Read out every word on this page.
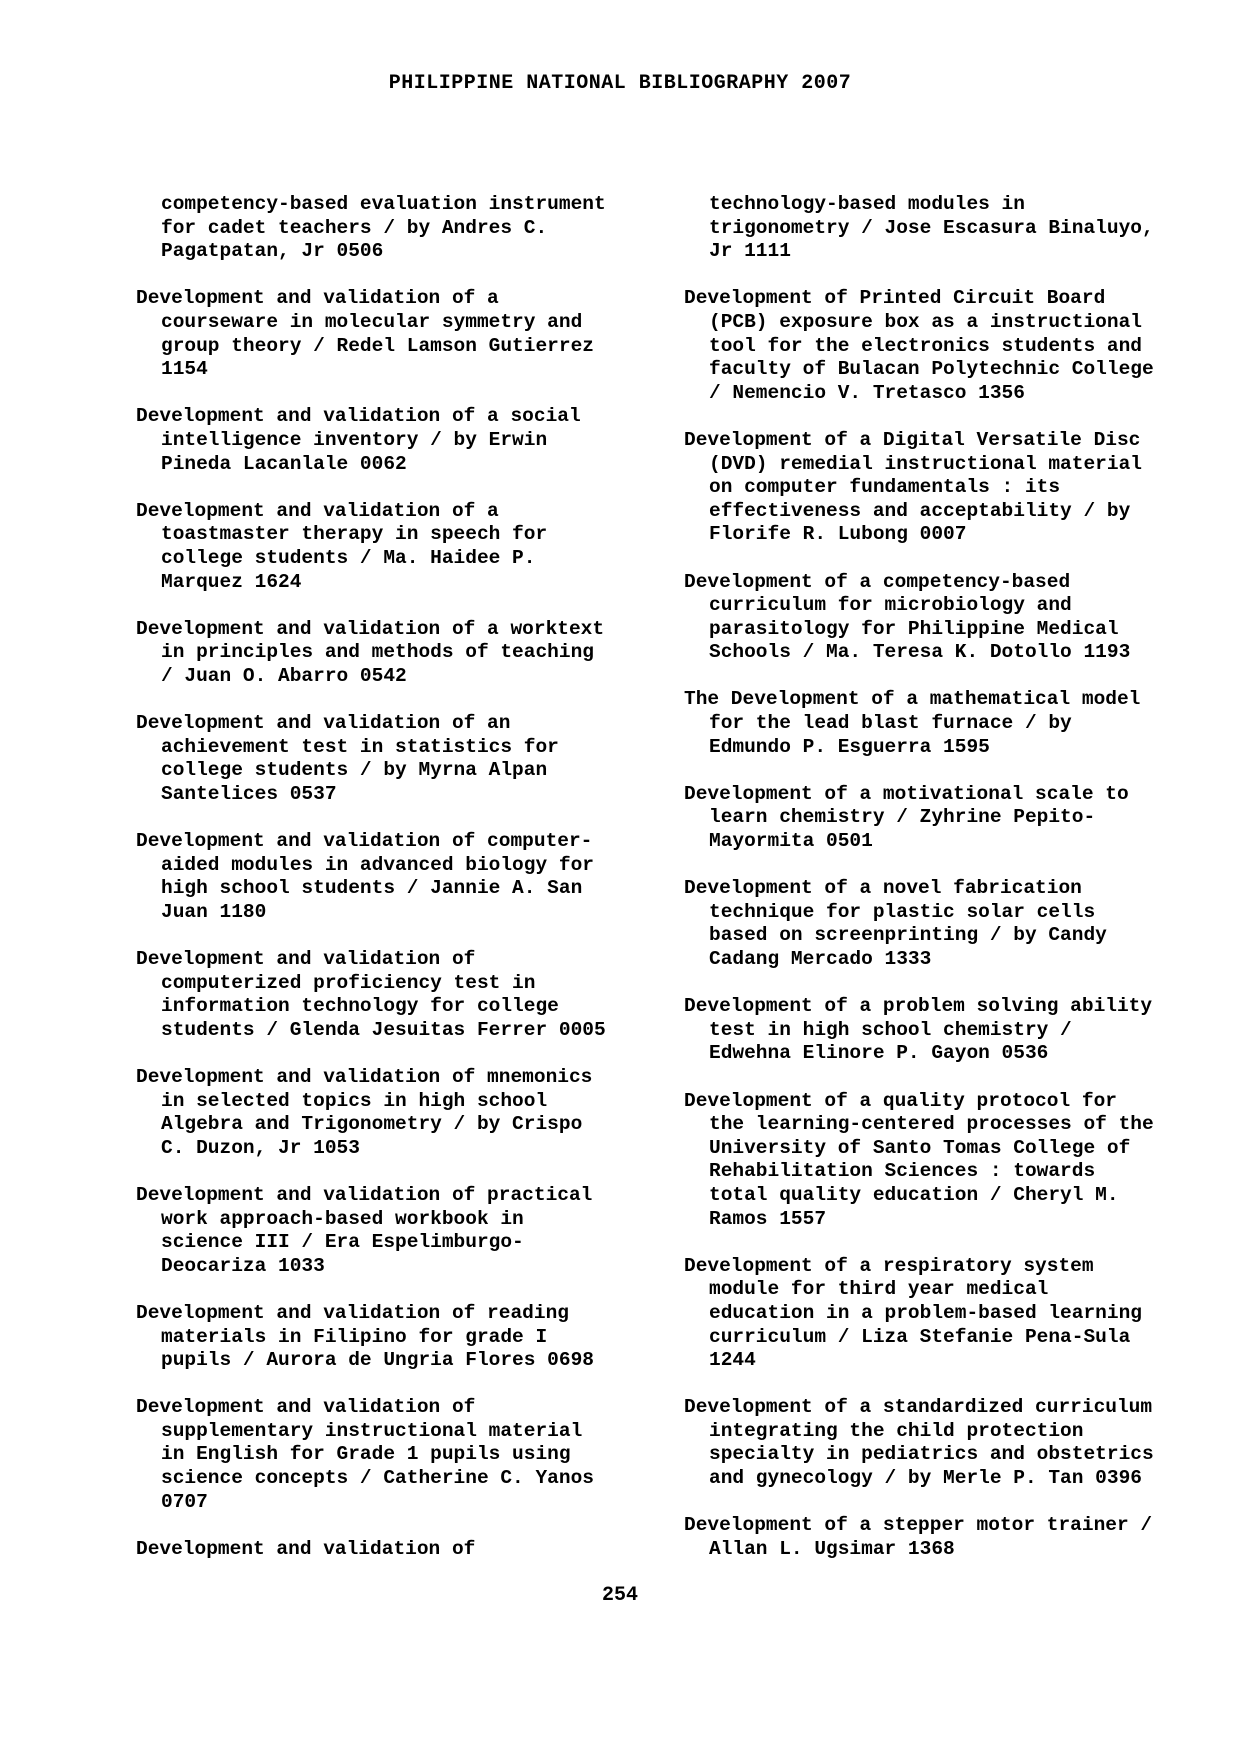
PHILIPPINE NATIONAL BIBLIOGRAPHY 2007

competency-based evaluation instrument
for cadet teachers / by Andres C.
Pagatpatan, Jr 0506

Development and validation of a
courseware in molecular symmetry and
group theory / Redel Lamson Gutierrez
1154

Development and validation of a social
intelligence inventory / by Erwin
Pineda Lacanlale 0062

Development and validation of a
toastmaster therapy in speech for
college students / Ma. Haidee P.
Marquez 1624

Development and validation of a worktext
in principles and methods of teaching
/ Juan O. Abarro 0542

Development and validation of an
achievement test in statistics for
college students / by Myrna Alpan
Santelices 0537

Development and validation of computer-
aided modules in advanced biology for
high school students / Jannie A. San
Juan 1180

Development and validation of
computerized proficiency test in
information technology for college
students / Glenda Jesuitas Ferrer 0005

Development and validation of mnemonics
in selected topics in high school
Algebra and Trigonometry / by Crispo
C. Duzon, Jr 1053

Development and validation of practical
work approach-based workbook in
science III / Era Espelimburgo-
Deocariza 1033

Development and validation of reading
materials in Filipino for grade I
pupils / Aurora de Ungria Flores 0698

Development and validation of
supplementary instructional material
in English for Grade 1 pupils using
science concepts / Catherine C. Yanos
0707

Development and validation of

technology-based modules in
trigonometry / Jose Escasura Binaluyo,
Jr 1111

Development of Printed Circuit Board
(PCB) exposure box as a instructional
tool for the electronics students and
faculty of Bulacan Polytechnic College
/ Nemencio V. Tretasco 1356

Development of a Digital Versatile Disc
(DVD) remedial instructional material
on computer fundamentals : its
effectiveness and acceptability / by
Florife R. Lubong 0007

Development of a competency-based
curriculum for microbiology and
parasitology for Philippine Medical
Schools / Ma. Teresa K. Dotollo 1193

The Development of a mathematical model
for the lead blast furnace / by
Edmundo P. Esguerra 1595

Development of a motivational scale to
learn chemistry / Zyhrine Pepito-
Mayormita 0501

Development of a novel fabrication
technique for plastic solar cells
based on screenprinting / by Candy
Cadang Mercado 1333

Development of a problem solving ability
test in high school chemistry /
Edwehna Elinore P. Gayon 0536

Development of a quality protocol for
the learning-centered processes of the
University of Santo Tomas College of
Rehabilitation Sciences : towards
total quality education / Cheryl M.
Ramos 1557

Development of a respiratory system
module for third year medical
education in a problem-based learning
curriculum / Liza Stefanie Pena-Sula
1244

Development of a standardized curriculum
integrating the child protection
specialty in pediatrics and obstetrics
and gynecology / by Merle P. Tan 0396

Development of a stepper motor trainer /
Allan L. Ugsimar 1368

254
